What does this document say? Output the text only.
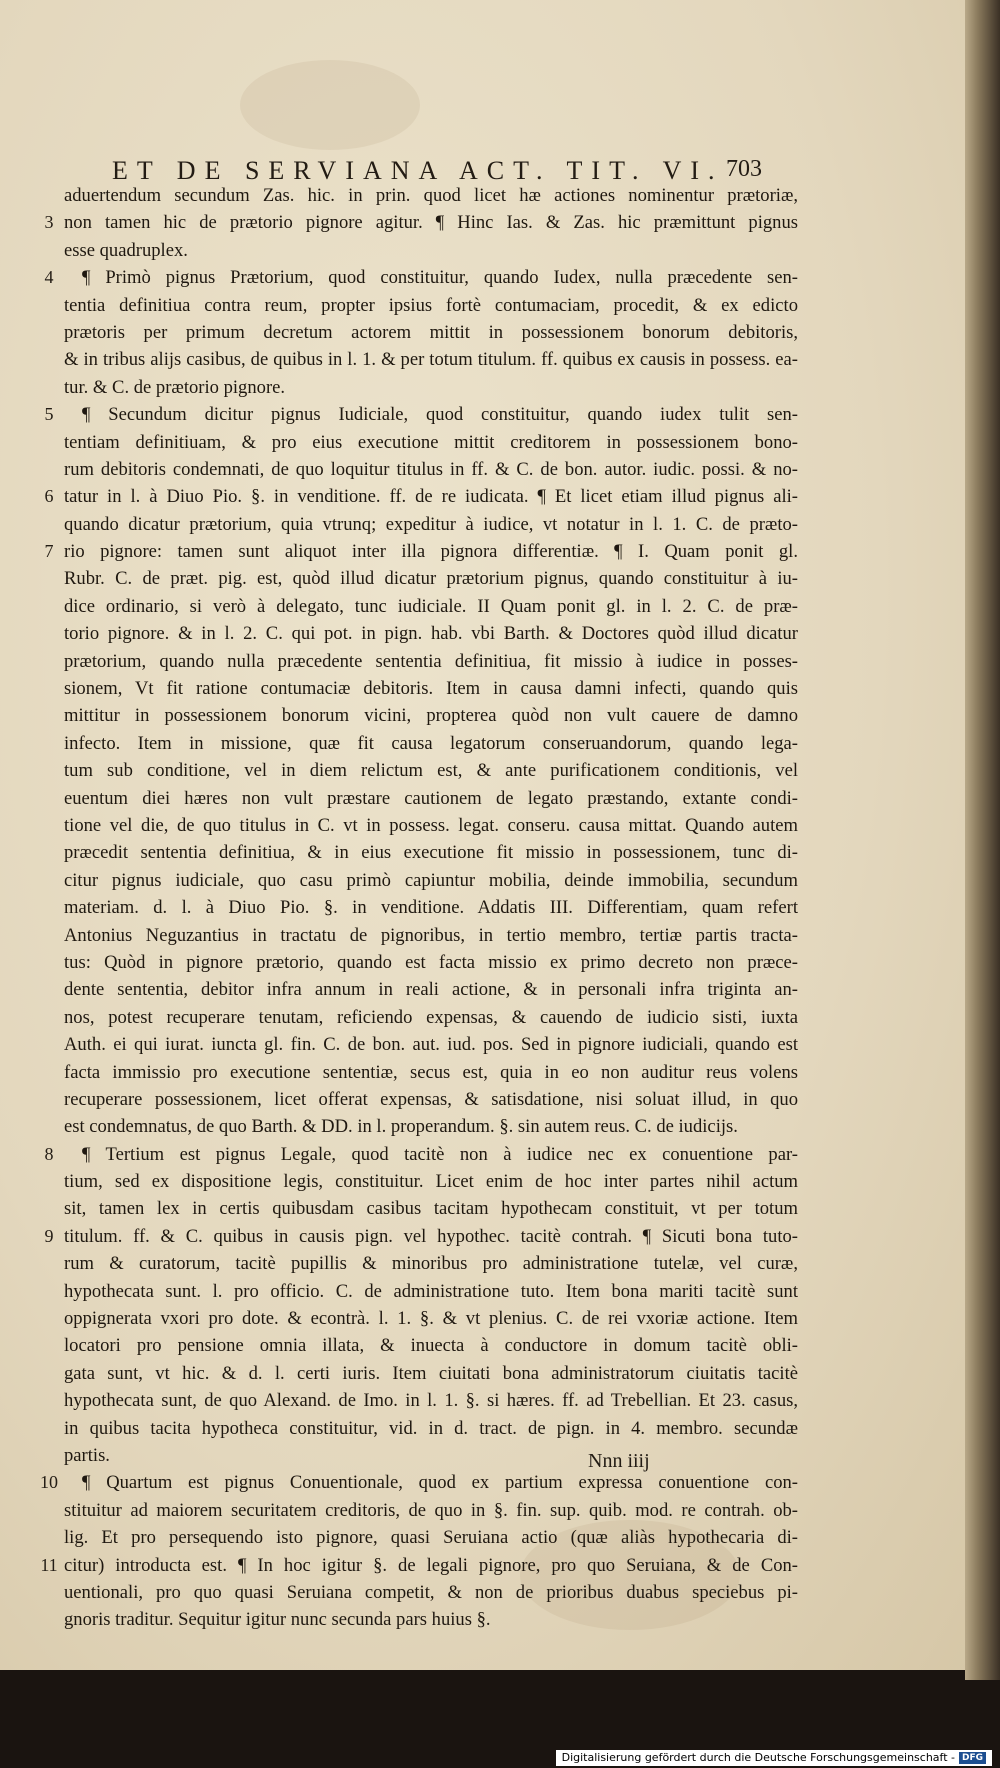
ET DE SERVIANA ACT. TIT. VI. 703
aduertendum secundum Zas. hic. in prin. quod licet hæ actiones nominentur prætoriæ,
3 non tamen hic de prætorio pignore agitur. ¶ Hinc Ias. & Zas. hic præmittunt pignus
esse quadruplex.
4	¶ Primò pignus Prætorium, quod constituitur, quando Iudex, nulla præcedente sen-
tentia definitiua contra reum, propter ipsius fortè contumaciam, procedit, & ex edicto
prætoris per primum decretum actorem mittit in possessionem bonorum debitoris,
& in tribus alijs casibus, de quibus in l. 1. & per totum titulum. ff. quibus ex causis in possess. ea-
tur. & C. de prætorio pignore.
5	¶ Secundum dicitur pignus Iudiciale, quod constituitur, quando iudex tulit sen-
tentiam definitiuam, & pro eius executione mittit creditorem in possessionem bono-
rum debitoris condemnati, de quo loquitur titulus in ff. & C. de bon. autor. iudic. possi. & no-
6 tatur in l. à Diuo Pio. §. in venditione. ff. de re iudicata. ¶ Et licet etiam illud pignus ali-
quando dicatur prætorium, quia vtrunq; expeditur à iudice, vt notatur in l. 1. C. de præto-
7 rio pignore: tamen sunt aliquot inter illa pignora differentiæ. ¶ I. Quam ponit gl.
Rubr. C. de præt. pig. est, quòd illud dicatur prætorium pignus, quando constituitur à iu-
dice ordinario, si verò à delegato, tunc iudiciale. II Quam ponit gl. in l. 2. C. de præ-
torio pignore. & in l. 2. C. qui pot. in pign. hab. vbi Barth. & Doctores quòd illud dicatur
prætorium, quando nulla præcedente sententia definitiua, fit missio à iudice in posses-
sionem, Vt fit ratione contumaciæ debitoris. Item in causa damni infecti, quando quis
mittitur in possessionem bonorum vicini, propterea quòd non vult cauere de damno
infecto. Item in missione, quæ fit causa legatorum conseruandorum, quando lega-
tum sub conditione, vel in diem relictum est, & ante purificationem conditionis, vel
euentum diei hæres non vult præstare cautionem de legato præstando, extante condi-
tione vel die, de quo titulus in C. vt in possess. legat. conseru. causa mittat. Quando autem
præcedit sententia definitiua, & in eius executione fit missio in possessionem, tunc di-
citur pignus iudiciale, quo casu primò capiuntur mobilia, deinde immobilia, secundum
materiam. d. l. à Diuo Pio. §. in venditione. Addatis III. Differentiam, quam refert
Antonius Neguzantius in tractatu de pignoribus, in tertio membro, tertiæ partis tracta-
tus: Quòd in pignore prætorio, quando est facta missio ex primo decreto non præce-
dente sententia, debitor infra annum in reali actione, & in personali infra triginta an-
nos, potest recuperare tenutam, reficiendo expensas, & cauendo de iudicio sisti, iuxta
Auth. ei qui iurat. iuncta gl. fin. C. de bon. aut. iud. pos. Sed in pignore iudiciali, quando est
facta immissio pro executione sententiæ, secus est, quia in eo non auditur reus volens
recuperare possessionem, licet offerat expensas, & satisdatione, nisi soluat illud, in quo
est condemnatus, de quo Barth. & DD. in l. properandum. §. sin autem reus. C. de iudicijs.
8	¶ Tertium est pignus Legale, quod tacitè non à iudice nec ex conuentione par-
tium, sed ex dispositione legis, constituitur. Licet enim de hoc inter partes nihil actum
sit, tamen lex in certis quibusdam casibus tacitam hypothecam constituit, vt per totum
9 titulum. ff. & C. quibus in causis pign. vel hypothec. tacitè contrah. ¶ Sicuti bona tuto-
rum & curatorum, tacitè pupillis & minoribus pro administratione tutelæ, vel curæ,
hypothecata sunt. l. pro officio. C. de administratione tuto. Item bona mariti tacitè sunt
oppignerata vxori pro dote. & econtrà. l. 1. §. & vt plenius. C. de rei vxoriæ actione. Item
locatori pro pensione omnia illata, & inuecta à conductore in domum tacitè obli-
gata sunt, vt hic. & d. l. certi iuris. Item ciuitati bona administratorum ciuitatis tacitè
hypothecata sunt, de quo Alexand. de Imo. in l. 1. §. si hæres. ff. ad Trebellian. Et 23. casus,
in quibus tacita hypotheca constituitur, vid. in d. tract. de pign. in 4. membro. secundæ
partis.
10 ¶ Quartum est pignus Conuentionale, quod ex partium expressa conuentione con-
stituitur ad maiorem securitatem creditoris, de quo in §. fin. sup. quib. mod. re contrah. ob-
lig. Et pro persequendo isto pignore, quasi Seruiana actio (quæ aliàs hypothecaria di-
11 citur) introducta est. ¶ In hoc igitur §. de legali pignore, pro quo Seruiana, & de Con-
uentionali, pro quo quasi Seruiana competit, & non de prioribus duabus speciebus pi-
gnoris traditur. Sequitur igitur nunc secunda pars huius §.
Nnn iiij
Digitalisierung gefördert durch die Deutsche Forschungsgemeinschaft - DFG
